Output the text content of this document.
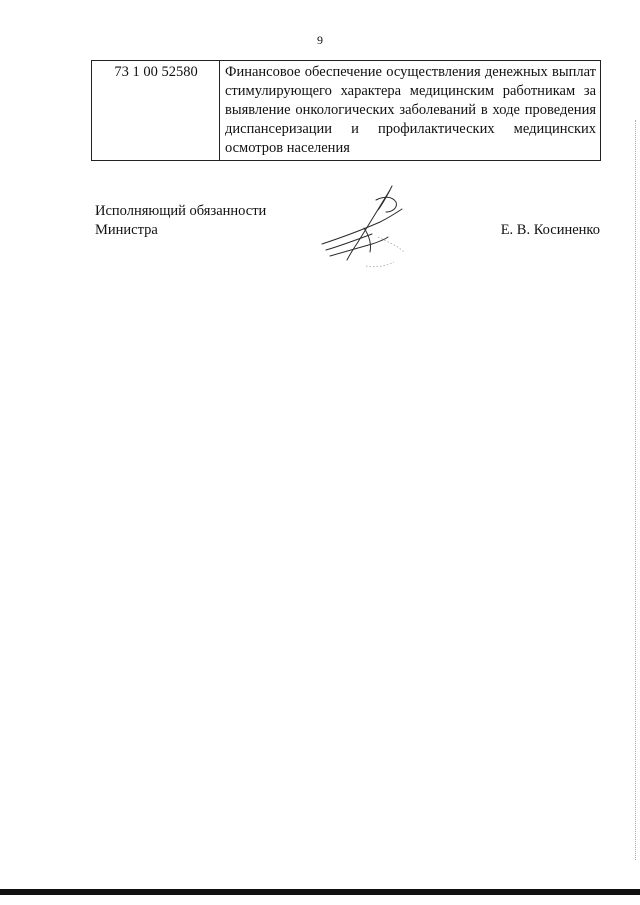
9
73 1 00 52580	Финансовое обеспечение осуществления денежных выплат стимулирующего характера медицинским работникам за выявление онкологических заболеваний в ходе проведения диспансеризации и профилактических медицинских осмотров населения
Исполняющий обязанности
Министра	Е. В. Косиненко
